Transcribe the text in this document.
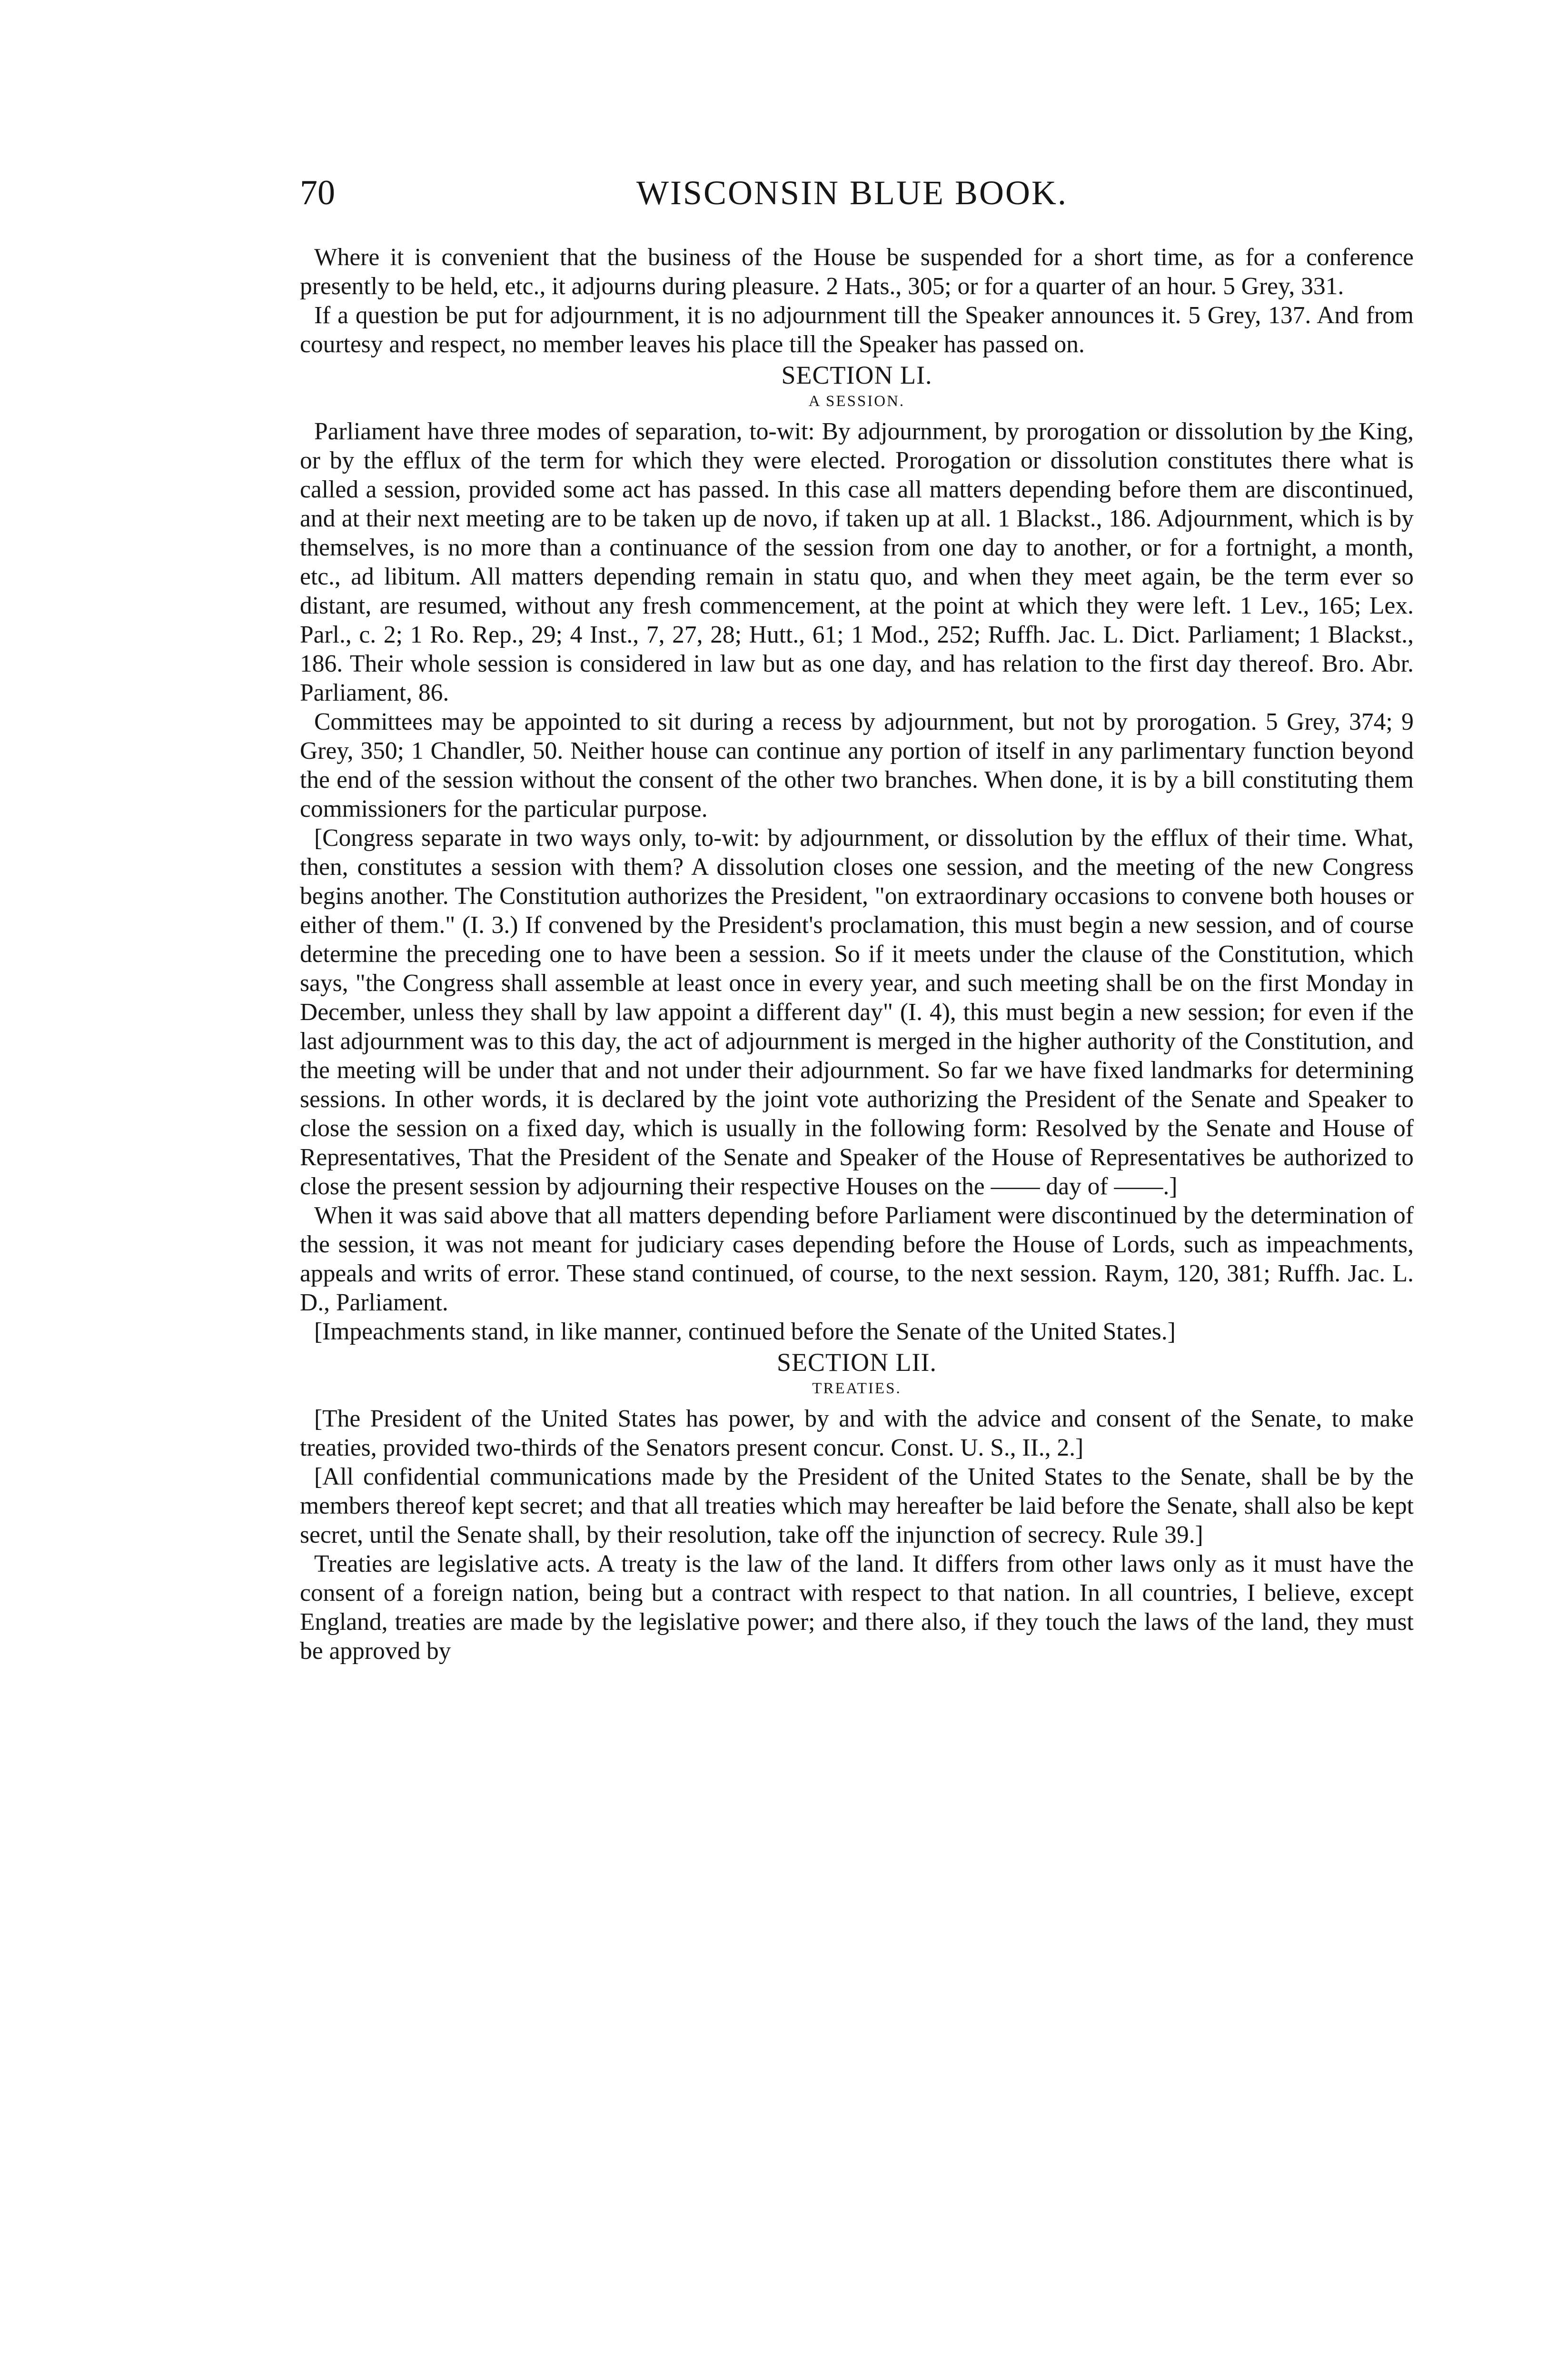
70	WISCONSIN BLUE BOOK.

Where it is convenient that the business of the House be suspended for a short time, as for a conference presently to be held, etc., it adjourns during pleasure. 2 Hats., 305; or for a quarter of an hour. 5 Grey, 331.

If a question be put for adjournment, it is no adjournment till the Speaker announces it. 5 Grey, 137. And from courtesy and respect, no member leaves his place till the Speaker has passed on.

SECTION LI.
A SESSION.

Parliament have three modes of separation, to-wit: By adjournment, by prorogation or dissolution by the King, or by the efflux of the term for which they were elected. Prorogation or dissolution constitutes there what is called a session, provided some act has passed. In this case all matters depending before them are discontinued, and at their next meeting are to be taken up de novo, if taken up at all. 1 Blackst., 186. Adjournment, which is by themselves, is no more than a continuance of the session from one day to another, or for a fortnight, a month, etc., ad libitum. All matters depending remain in statu quo, and when they meet again, be the term ever so distant, are resumed, without any fresh commencement, at the point at which they were left. 1 Lev., 165; Lex. Parl., c. 2; 1 Ro. Rep., 29; 4 Inst., 7, 27, 28; Hutt., 61; 1 Mod., 252; Ruffh. Jac. L. Dict. Parliament; 1 Blackst., 186. Their whole session is considered in law but as one day, and has relation to the first day thereof. Bro. Abr. Parliament, 86.

Committees may be appointed to sit during a recess by adjournment, but not by prorogation. 5 Grey, 374; 9 Grey, 350; 1 Chandler, 50. Neither house can continue any portion of itself in any parlimentary function beyond the end of the session without the consent of the other two branches. When done, it is by a bill constituting them commissioners for the particular purpose.

[Congress separate in two ways only, to-wit: by adjournment, or dissolution by the efflux of their time. What, then, constitutes a session with them? A dissolution closes one session, and the meeting of the new Congress begins another. The Constitution authorizes the President, "on extraordinary occasions to convene both houses or either of them." (I. 3.) If convened by the President's proclamation, this must begin a new session, and of course determine the preceding one to have been a session. So if it meets under the clause of the Constitution, which says, "the Congress shall assemble at least once in every year, and such meeting shall be on the first Monday in December, unless they shall by law appoint a different day" (I. 4), this must begin a new session; for even if the last adjournment was to this day, the act of adjournment is merged in the higher authority of the Constitution, and the meeting will be under that and not under their adjournment. So far we have fixed landmarks for determining sessions. In other words, it is declared by the joint vote authorizing the President of the Senate and Speaker to close the session on a fixed day, which is usually in the following form: Resolved by the Senate and House of Representatives, That the President of the Senate and Speaker of the House of Representatives be authorized to close the present session by adjourning their respective Houses on the —— day of ——.]

When it was said above that all matters depending before Parliament were discontinued by the determination of the session, it was not meant for judiciary cases depending before the House of Lords, such as impeachments, appeals and writs of error. These stand continued, of course, to the next session. Raym, 120, 381; Ruffh. Jac. L. D., Parliament.

[Impeachments stand, in like manner, continued before the Senate of the United States.]

SECTION LII.
TREATIES.

[The President of the United States has power, by and with the advice and consent of the Senate, to make treaties, provided two-thirds of the Senators present concur. Const. U. S., II., 2.]

[All confidential communications made by the President of the United States to the Senate, shall be by the members thereof kept secret; and that all treaties which may hereafter be laid before the Senate, shall also be kept secret, until the Senate shall, by their resolution, take off the injunction of secrecy. Rule 39.]

Treaties are legislative acts. A treaty is the law of the land. It differs from other laws only as it must have the consent of a foreign nation, being but a contract with respect to that nation. In all countries, I believe, except England, treaties are made by the legislative power; and there also, if they touch the laws of the land, they must be approved by
